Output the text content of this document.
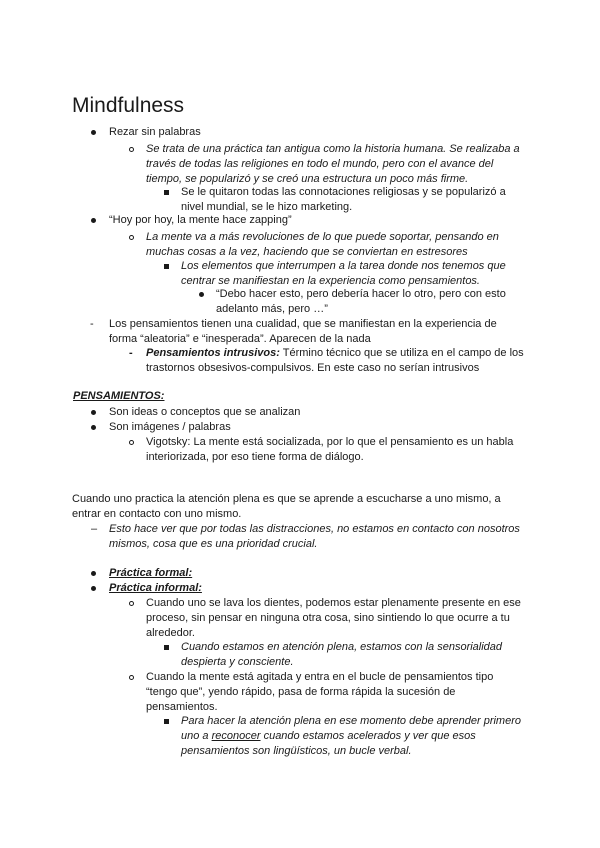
Mindfulness
Rezar sin palabras
Se trata de una práctica tan antigua como la historia humana. Se realizaba a
través de todas las religiones en todo el mundo, pero con el avance del
tiempo, se popularizó y se creó una estructura un poco más firme.
Se le quitaron todas las connotaciones religiosas y se popularizó a
nivel mundial, se le hizo marketing.
“Hoy por hoy, la mente hace zapping”
La mente va a más revoluciones de lo que puede soportar, pensando en
muchas cosas a la vez, haciendo que se conviertan en estresores
Los elementos que interrumpen a la tarea donde nos tenemos que
centrar se manifiestan en la experiencia como pensamientos.
“Debo hacer esto, pero debería hacer lo otro, pero con esto
adelanto más, pero …”
- Los pensamientos tienen una cualidad, que se manifiestan en la experiencia de
forma “aleatoria” e “inesperada”. Aparecen de la nada
- Pensamientos intrusivos: Término técnico que se utiliza en el campo de los
trastornos obsesivos-compulsivos. En este caso no serían intrusivos
PENSAMIENTOS:
Son ideas o conceptos que se analizan
Son imágenes / palabras
Vigotsky: La mente está socializada, por lo que el pensamiento es un habla
interiorizada, por eso tiene forma de diálogo.
Cuando uno practica la atención plena es que se aprende a escucharse a uno mismo, a
entrar en contacto con uno mismo.
– Esto hace ver que por todas las distracciones, no estamos en contacto con nosotros
mismos, cosa que es una prioridad crucial.
Práctica formal:
Práctica informal:
Cuando uno se lava los dientes, podemos estar plenamente presente en ese
proceso, sin pensar en ninguna otra cosa, sino sintiendo lo que ocurre a tu
alrededor.
Cuando estamos en atención plena, estamos con la sensorialidad
despierta y consciente.
Cuando la mente está agitada y entra en el bucle de pensamientos tipo
“tengo que”, yendo rápido, pasa de forma rápida la sucesión de
pensamientos.
Para hacer la atención plena en ese momento debe aprender primero
uno a reconocer cuando estamos acelerados y ver que esos
pensamientos son lingüísticos, un bucle verbal.
